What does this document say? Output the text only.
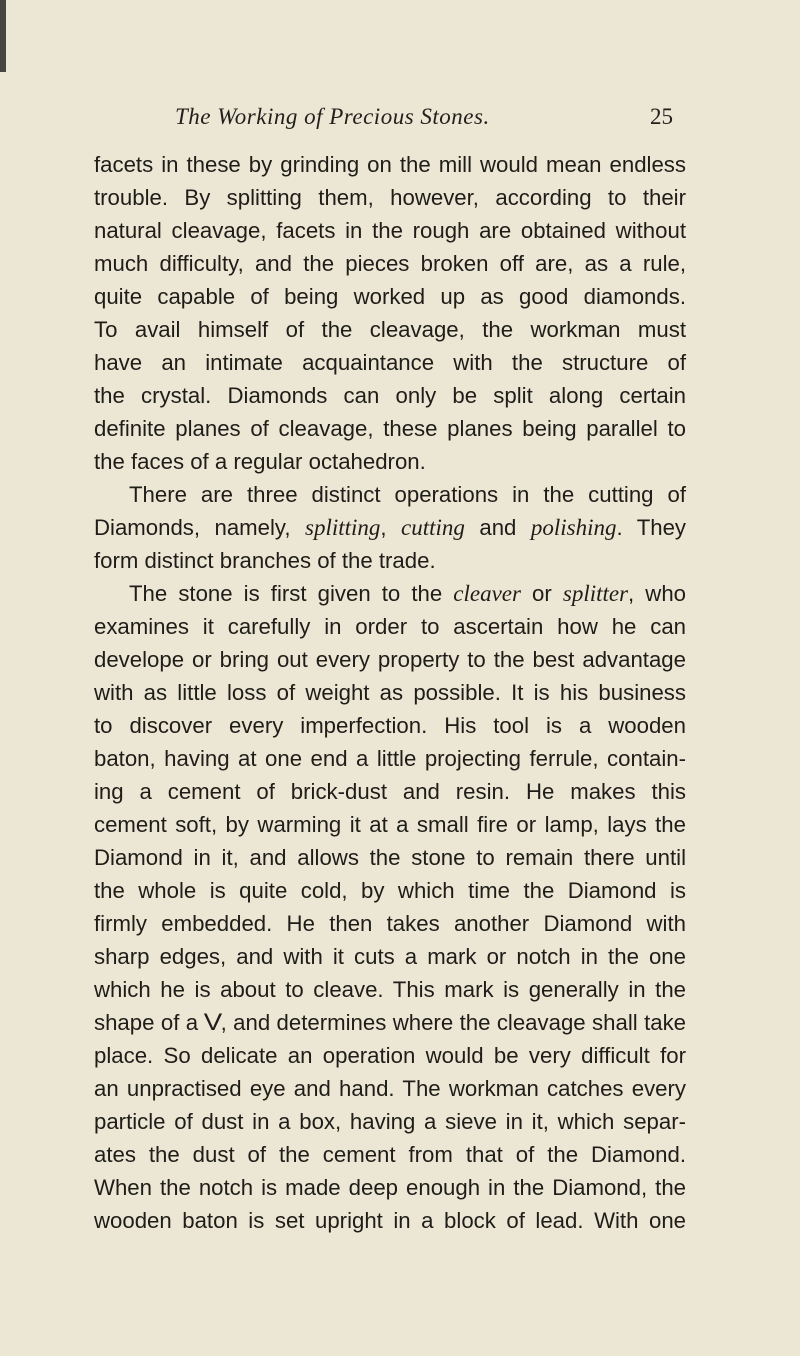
The Working of Precious Stones.	25
facets in these by grinding on the mill would mean endless
trouble. By splitting them, however, according to their
natural cleavage, facets in the rough are obtained without
much difficulty, and the pieces broken off are, as a rule,
quite capable of being worked up as good diamonds.
To avail himself of the cleavage, the workman must
have an intimate acquaintance with the structure of
the crystal. Diamonds can only be split along certain
definite planes of cleavage, these planes being parallel to
the faces of a regular octahedron.
There are three distinct operations in the cutting of
Diamonds, namely, splitting, cutting and polishing. They
form distinct branches of the trade.
The stone is first given to the cleaver or splitter, who
examines it carefully in order to ascertain how he can
develope or bring out every property to the best advantage
with as little loss of weight as possible. It is his business
to discover every imperfection. His tool is a wooden
baton, having at one end a little projecting ferrule, contain-
ing a cement of brick-dust and resin. He makes this
cement soft, by warming it at a small fire or lamp, lays the
Diamond in it, and allows the stone to remain there until
the whole is quite cold, by which time the Diamond is
firmly embedded. He then takes another Diamond with
sharp edges, and with it cuts a mark or notch in the one
which he is about to cleave. This mark is generally in the
shape of a V, and determines where the cleavage shall take
place. So delicate an operation would be very difficult for
an unpractised eye and hand. The workman catches every
particle of dust in a box, having a sieve in it, which separ-
ates the dust of the cement from that of the Diamond.
When the notch is made deep enough in the Diamond, the
wooden baton is set upright in a block of lead. With one
